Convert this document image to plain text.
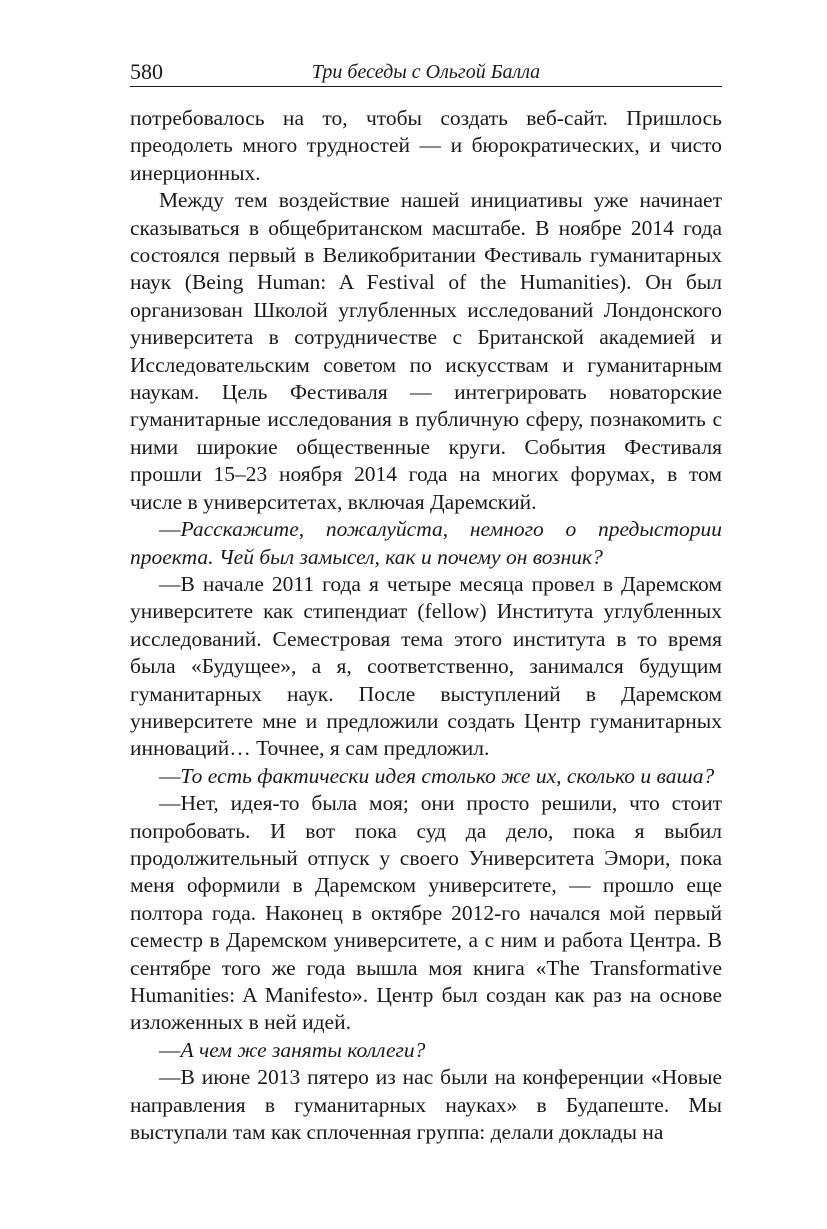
580	Три беседы с Ольгой Балла

потребовалось на то, чтобы создать веб-сайт. Пришлось преодолеть много трудностей — и бюрократических, и чисто инерционных.

Между тем воздействие нашей инициативы уже начинает сказываться в общебританском масштабе. В ноябре 2014 года состоялся первый в Великобритании Фестиваль гуманитарных наук (Being Human: A Festival of the Humanities). Он был организован Школой углубленных исследований Лондонского университета в сотрудничестве с Британской академией и Исследовательским советом по искусствам и гуманитарным наукам. Цель Фестиваля — интегрировать новаторские гуманитарные исследования в публичную сферу, познакомить с ними широкие общественные круги. События Фестиваля прошли 15–23 ноября 2014 года на многих форумах, в том числе в университетах, включая Даремский.

—Расскажите, пожалуйста, немного о предыстории проекта. Чей был замысел, как и почему он возник?

—В начале 2011 года я четыре месяца провел в Даремском университете как стипендиат (fellow) Института углубленных исследований. Семестровая тема этого института в то время была «Будущее», а я, соответственно, занимался будущим гуманитарных наук. После выступлений в Даремском университете мне и предложили создать Центр гуманитарных инноваций… Точнее, я сам предложил.

—То есть фактически идея столько же их, сколько и ваша?

—Нет, идея-то была моя; они просто решили, что стоит попробовать. И вот пока суд да дело, пока я выбил продолжительный отпуск у своего Университета Эмори, пока меня оформили в Даремском университете, — прошло еще полтора года. Наконец в октябре 2012-го начался мой первый семестр в Даремском университете, а с ним и работа Центра. В сентябре того же года вышла моя книга «The Transformative Humanities: A Manifesto». Центр был создан как раз на основе изложенных в ней идей.

—А чем же заняты коллеги?

—В июне 2013 пятеро из нас были на конференции «Новые направления в гуманитарных науках» в Будапеште. Мы выступали там как сплоченная группа: делали доклады на
